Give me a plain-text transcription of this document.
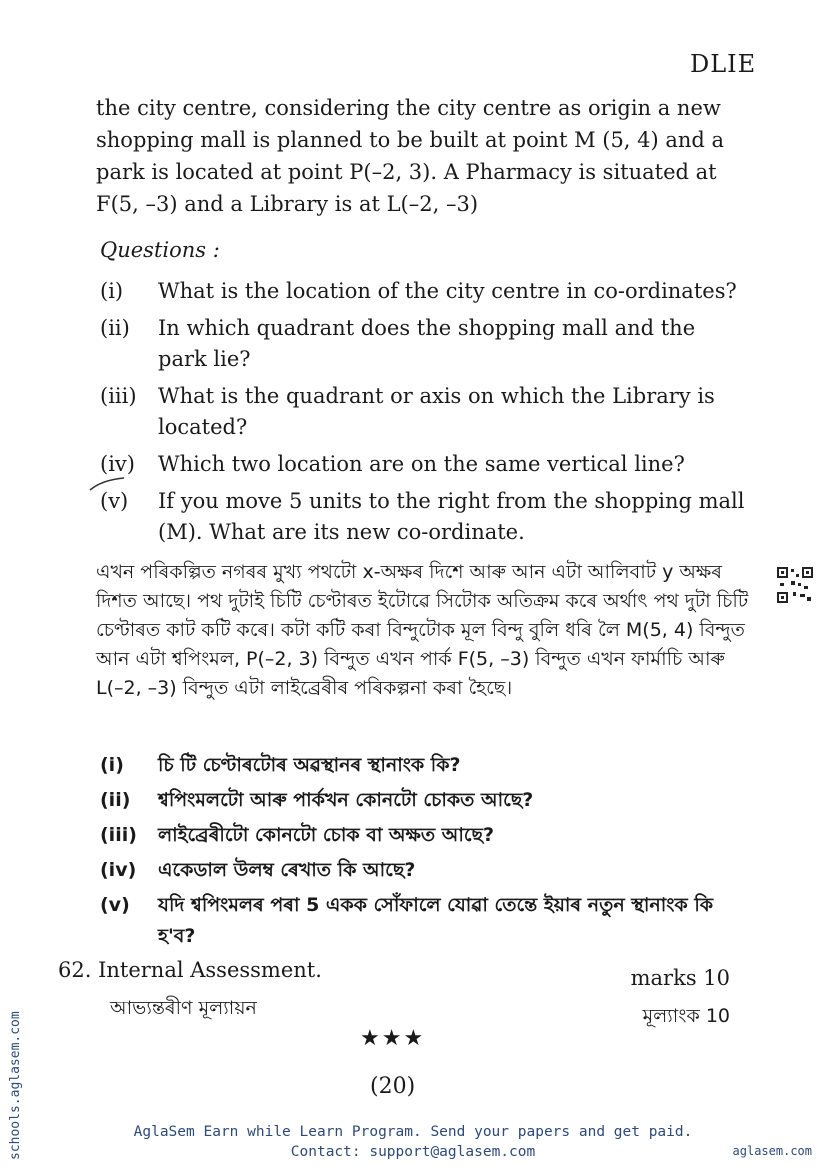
DLIE

the city centre, considering the city centre as origin a new shopping mall is planned to be built at point M (5, 4) and a park is located at point P(–2, 3). A Pharmacy is situated at F(5, –3) and a Library is at L(–2, –3)

Questions :
(i)	What is the location of the city centre in co-ordinates?
(ii)	In which quadrant does the shopping mall and the park lie?
(iii)	What is the quadrant or axis on which the Library is located?
(iv)	Which two location are on the same vertical line?
(v)	If you move 5 units to the right from the shopping mall (M). What are its new co-ordinate.

এখন পৰিকল্পিত নগৰৰ মুখ্য পথটো x-অক্ষৰ দিশে আৰু আন এটা আলিবাট y অক্ষৰ দিশত আছে। পথ দুটাই চিটি চেণ্টাৰত ইটোৱে সিটোক অতিক্ৰম কৰে অৰ্থাৎ পথ দুটা চিটি চেণ্টাৰত কাট কটি কৰে। কটা কটি কৰা বিন্দুটোক মূল বিন্দু বুলি ধৰি লৈ M(5, 4) বিন্দুত আন এটা শ্বপিংমল, P(–2, 3) বিন্দুত এখন পাৰ্ক F(5, –3) বিন্দুত এখন ফাৰ্মাচি আৰু L(–2, –3) বিন্দুত এটা লাইব্ৰেৰীৰ পৰিকল্পনা কৰা হৈছে।

(i)	চি টি চেণ্টাৰটোৰ অৱস্থানৰ স্থানাংক কি?
(ii)	শ্বপিংমলটো আৰু পাৰ্কখন কোনটো চোকত আছে?
(iii)	লাইব্ৰেৰীটো কোনটো চোক বা অক্ষত আছে?
(iv)	একেডাল উলম্ব ৰেখাত কি আছে?
(v)	যদি শ্বপিংমলৰ পৰা 5 একক সোঁফালে যোৱা তেন্তে ইয়াৰ নতুন স্থানাংক কি হ'ব?
62. Internal Assessment.
আভ্যন্তৰীণ মূল্যায়ন
marks 10
মূল্যাংক 10
★★★
(20)
schools.aglasem.com	AglaSem Earn while Learn Program. Send your papers and get paid.
Contact: support@aglasem.com	aglasem.com
